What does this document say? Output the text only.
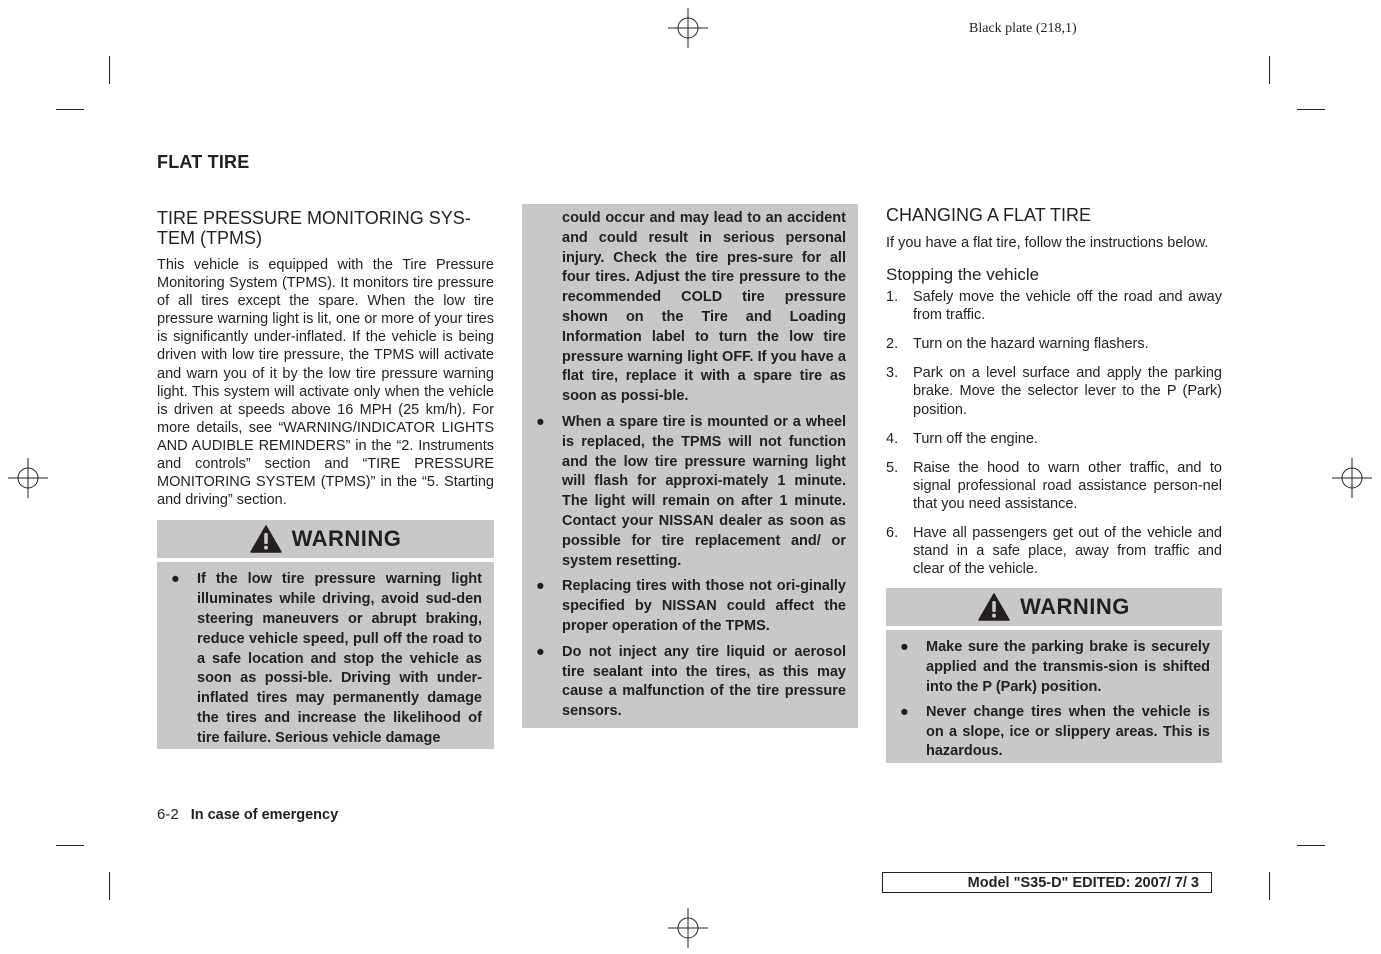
Black plate (218,1)
FLAT TIRE
TIRE PRESSURE MONITORING SYS-
TEM (TPMS)

This vehicle is equipped with the Tire Pressure Monitoring System (TPMS). It monitors tire pressure of all tires except the spare. When the low tire pressure warning light is lit, one or more of your tires is significantly under-inflated. If the vehicle is being driven with low tire pressure, the TPMS will activate and warn you of it by the low tire pressure warning light. This system will activate only when the vehicle is driven at speeds above 16 MPH (25 km/h). For more details, see “WARNING/INDICATOR LIGHTS AND AUDIBLE REMINDERS” in the “2. Instruments and controls” section and “TIRE PRESSURE MONITORING SYSTEM (TPMS)” in the “5. Starting and driving” section.

WARNING

● If the low tire pressure warning light illuminates while driving, avoid sud-den steering maneuvers or abrupt braking, reduce vehicle speed, pull off the road to a safe location and stop the vehicle as soon as possi-ble. Driving with under-inflated tires may permanently damage the tires and increase the likelihood of tire failure. Serious vehicle damage

could occur and may lead to an accident and could result in serious personal injury. Check the tire pres-sure for all four tires. Adjust the tire pressure to the recommended COLD tire pressure shown on the Tire and Loading Information label to turn the low tire pressure warning light OFF. If you have a flat tire, replace it with a spare tire as soon as possi-ble.

● When a spare tire is mounted or a wheel is replaced, the TPMS will not function and the low tire pressure warning light will flash for approxi-mately 1 minute. The light will remain on after 1 minute. Contact your NISSAN dealer as soon as possible for tire replacement and/ or system resetting.

● Replacing tires with those not ori-ginally specified by NISSAN could affect the proper operation of the TPMS.

● Do not inject any tire liquid or aerosol tire sealant into the tires, as this may cause a malfunction of the tire pressure sensors.

CHANGING A FLAT TIRE

If you have a flat tire, follow the instructions below.

Stopping the vehicle
1. Safely move the vehicle off the road and away from traffic.
2. Turn on the hazard warning flashers.
3. Park on a level surface and apply the parking brake. Move the selector lever to the P (Park) position.
4. Turn off the engine.
5. Raise the hood to warn other traffic, and to signal professional road assistance person-nel that you need assistance.
6. Have all passengers get out of the vehicle and stand in a safe place, away from traffic and clear of the vehicle.
WARNING

● Make sure the parking brake is securely applied and the transmis-sion is shifted into the P (Park) position.

● Never change tires when the vehicle is on a slope, ice or slippery areas. This is hazardous.

6-2 In case of emergency
Model "S35-D" EDITED: 2007/ 7/ 3
